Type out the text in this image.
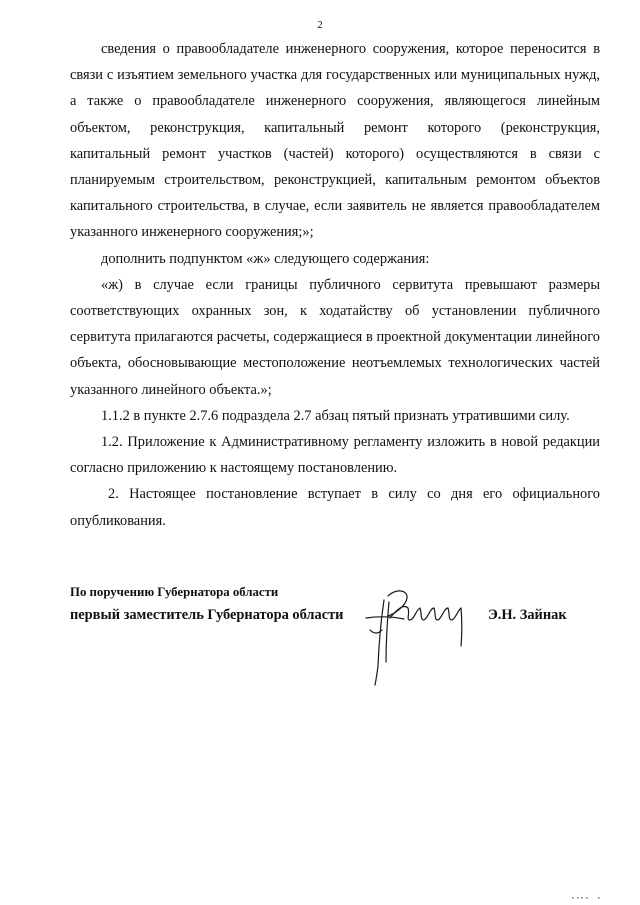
2

сведения о правообладателе инженерного сооружения, которое переносится в связи с изъятием земельного участка для государственных или муниципальных нужд, а также о правообладателе инженерного сооружения, являющегося линейным объектом, реконструкция, капитальный ремонт которого (реконструкция, капитальный ремонт участков (частей) которого) осуществляются в связи с планируемым строительством, реконструкцией, капитальным ремонтом объектов капитального строительства, в случае, если заявитель не является правообладателем указанного инженерного сооружения;»;

дополнить подпунктом «ж» следующего содержания:

«ж) в случае если границы публичного сервитута превышают размеры соответствующих охранных зон, к ходатайству об установлении публичного сервитута прилагаются расчеты, содержащиеся в проектной документации линейного объекта, обосновывающие местоположение неотъемлемых технологических частей указанного линейного объекта.»;

1.1.2 в пункте 2.7.6 подраздела 2.7 абзац пятый признать утратившими силу.

1.2. Приложение к Административному регламенту изложить в новой редакции согласно приложению к настоящему постановлению.

2. Настоящее постановление вступает в силу со дня его официального опубликования.

По поручению Губернатора области
первый заместитель Губернатора области	Э.Н. Зайнак
